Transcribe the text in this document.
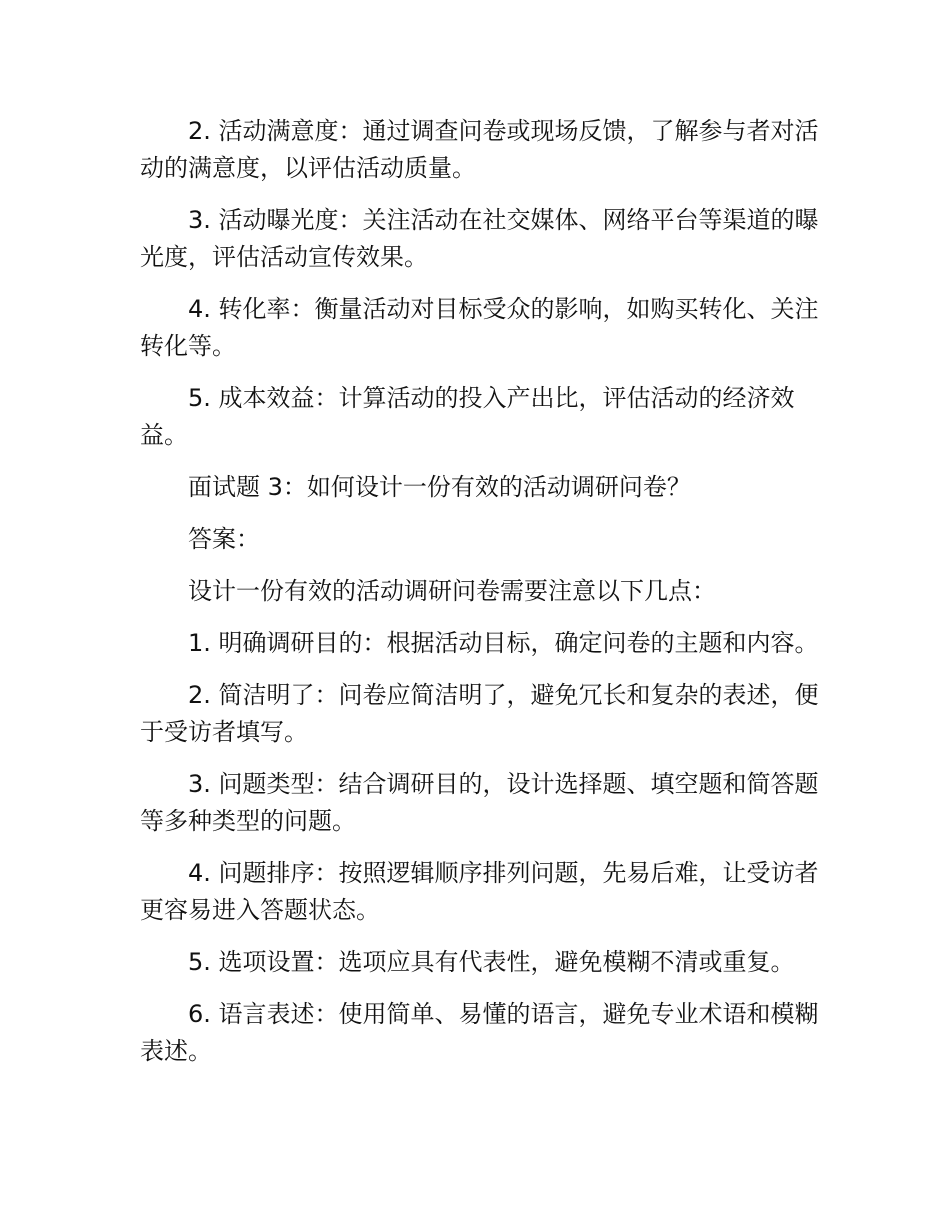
2. 活动满意度：通过调查问卷或现场反馈，了解参与者对活动的满意度，以评估活动质量。

3. 活动曝光度：关注活动在社交媒体、网络平台等渠道的曝光度，评估活动宣传效果。

4. 转化率：衡量活动对目标受众的影响，如购买转化、关注转化等。

5. 成本效益：计算活动的投入产出比，评估活动的经济效益。

面试题 3：如何设计一份有效的活动调研问卷？

答案：

设计一份有效的活动调研问卷需要注意以下几点：

1. 明确调研目的：根据活动目标，确定问卷的主题和内容。

2. 简洁明了：问卷应简洁明了，避免冗长和复杂的表述，便于受访者填写。

3. 问题类型：结合调研目的，设计选择题、填空题和简答题等多种类型的问题。

4. 问题排序：按照逻辑顺序排列问题，先易后难，让受访者更容易进入答题状态。

5. 选项设置：选项应具有代表性，避免模糊不清或重复。

6. 语言表述：使用简单、易懂的语言，避免专业术语和模糊表述。
